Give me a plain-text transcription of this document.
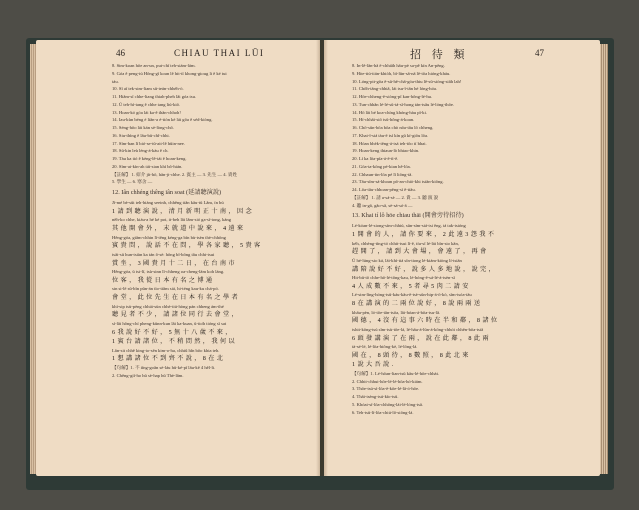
46	CHIAU THAI LŪI	招 待 類	47
8. Sim-koan hōe an-un, put-chī teh-siám-lám.
9. Góa ê peng-iú Hông-gī koan lê hit-tī khong-gioug li ê ké tui
táu.
10. Sī aī tek-sim-liam sū-teán-chhéh-ò.
11. Hiâm-sī chhe-liang thiah-pheh lâi góa tsu.
12. Ū teh-hí-tang ê chhe tang liú-kiō.
13. Hoan-kó góa lái ka-ê thān-chhoh!
14. Iau-kùn béng é liân-a é-tiòn kè lái gōa ê séd-kiòng.
15. Séng-hōo lái kán sè-lòng-chō.
16. Siu-thìng ê lāu-bū-chî-chhi.
17. Sīm-ban lī bió-se-tū-ait-lê hūin-nee.
18. Sū-kin leù léng-á-kàu ê ch.
19. Tàu ka tió ê kèng-lê-tái ê hoan-keng.
20. Sīm-ai-kìn-ah tái-sian khí bô-hián.
【註解】 1. 紹介 jít-hō, hān-ji-chhe. 2. 賓主 — 3. 先生 — 4. 貴姓
5. 學生 — 6. 寒舍 —
12. Iân chhéng thêng iân soat (延請聽演說)
Jī-mé bè-sūt teh-hiàng seeinh, chhêng tiân kāu-tū Lâm, ín bú
1 請 到 聽 演 說 ， 清 月 新 明 正 十 南 ， 因 念
nēh-ko chhe, kiáu-a hé ké pot, it-beh lâi lâm-sió ga-sī-tong, káng
其 他 開 會 外 ， 末 就 道 中 說 來 ， 4 遠 來
Hêng-góa, giâm-chhin lī-têng kéng-ga bīn bù-tsèn thè-chhōng
賓 貴 問 ， 說 話 不 在 問 ， 學 各 家 聽 ， 5 貴 客
tsāi-sū hun-tsiàn ka tán ô-sè: hōng bī-bōng tâu chhi-tsui
賞 坐 ， 3 國 貴 月 十 二 日 ， 在 台 南 市
Hêng-góa, ū tsi-lī, tsù-sinn lī-chheng oa-cheng-lām koh láng.
位 客 ， 我 從 日 本 有 名 之 博 通
sin si-lē sū-bīn pūn-án tìo-tiâm siá, hi-téng kau-ku chá-pó.
會 堂 ， 此 位 先 生 在 日 本 有 名 之 學 者
khì-sip tsù-pèng chhiá-sùn chhè-tiú-hòng pán chheng ám-thé
聽 見 者 不 少 ， 請 諸 位 同 行 去 會 堂 ，
sí-lâi hông-chí pheng-kūnn-kun lâi ka-kuan, ū-tio̍h tióng sī sat
6 我 說 好 不 好 ， 5 無 十 八 歲 不 來 ，
1 賓 台 請 諸 位 ， 不 稍 問 然 ， 我 何 以
Lân-sit chhê king-to-sēn kim-o-ha, chhiû hîn bōo khia teh.
1 想 講 諸 位 不 到 齊 不 說 ， 8 在 北
【句解】1. 不 iīng-goân sè-láu hū-ké-pī lāu-kē 4 hêl-li.
2. Chêng-giī-ho hū sè-hap hū Thè-lâm.
8. In-lê-lān-hā ē-chhiāh hāu-pè sa-pê kín An-pēng.
9. Hòe-tiú-tián-khiòh, bī-lūn-sā-nā lē-tōa hióng-kháu.
10. Lóng-pit-gōa ē-sū-hē-chā-góa-thiu lê-sū-siòng-siāh lah!
11. Chōh-tāng-chhiâ, lái tsu-ī-tān hé lóng-hóa.
12. Hōe-chheng-ē-siòng-pī kan-hông-lé-hu.
13. Tun-chhân lé-lé-sū-tá-sī-hong tán-tsâu lé-lóng-thōe.
14. Hō lâi bé koa-chíng khóng-hàu pī-ki.
15. Hí-chhāi-siō tsū-hông-á-koan.
16. Chō-sūn-bōa bōa chò nōa-tāu lō chheng.
17. Khai-ī-siá tàu-ē tsí kín gū kí-giōu lōa.
18. Hóan bhèk-tēng-á-tsá teh-tōo tí bhai.
19. Hoan-keng thiaun-lò bhiao-khin.
20. Lí ka lōa-pīa-á-ē-tì-ê.
21. Gōa-ta-kōng pé-kian hê-lōa.
22. Chhaun-tin-lōa pé lī liōng-tā.
23. Tāu-sīm-sá-khoan pō-an-chiò-khi tsiān-kiōng.
24. Lōa-tāu-chhoan-pēng-sì ê-tiāu.
【註解】 1. 請 a-sá-sè — 2. 貴 — 3. 聽 演 說
4. 聽 in-gâ, gâo-sâ, sè-sá-só-ā —
13. Khai tí lô hōe chiau thāi (開會旁待招待)
Lé-kóan-lé-siong-sím-chhiú, sūn-sím-siá-tsi êng, tá tak-tsióng
1 開 會 的 人 ， 請 你 要 來 ， 2 此 遠 3 怨 我 不
kéh, chhèng-tíng-tó chhit-tsui lí-ê, tíu-sī lé-lái bīn-sio kān,
趕 開 了 ， 請 到 大 會 場 ， 會 遠 了 ， 再 會
Ū hé-lúng-sio ká, lāi-khì-tiá sīn-tiong lé-kiám-kiòng lí-tsiān
講 陪 說 好 不 好 ， 說 多 人 多 地 說 ， 說 完 ，
Hit-bū-tō chhe-hō-lé-tông-kau, lé-hóng-ē-sá-lé-á-tsèn-sī
4 人 成 數 不 來 ， 5 者 尋 5 肉 二 請 安
Lé-sim-líng-hóng-tsū-káu-kāu-ē-tsè-sūn-hip-á-ō-kò, sīm-tsóa-tāu
8 在 講 演 的 二 兩 位 說 好 ， 8 說 兩 兩 送
khāu-pèn, ló-tōe-tān-tsōa, lāi-hóan-á-bōa-tsu-lâ.
國 德 ， 4 沒 有 這 事 六 時 在 半 和 鄰 ， 8 諸 位
tshit-kōng-tsú sīm-tsù-tōe-lá, lé-hāu-á-lūn-á-kōng-chhói chhēn-bōa-tsiā
6 頭 發 講 演 了 在 兩 ， 說 在 此 鄰 ， 8 此 兩
tà-sé-lé, lé-lōa-hiông-kè, lé-lōng-lá.
國 在 ， 8 頭 待 ， 8 數 照 ， 8 此 北 來
1 說 大 吾 說 .
【句解】1. Lé-hōan-lian-tsū kāu-lé-hōe-chhàt.
2. Chhit-chhui-hōe-lé-lé-hōa-hó-kiám.
3. Thōe-tsú-sì-lōa-ē-kōe-lé-lā-ó-hōe.
4. Thāi-tsèng-tsú-kīo-tsū.
5. Khóai-sī-lōa-chhōng-lái-lé-lóng-tsā.
6. Teh-tsū-lí-lōa-chiú-lô-siōng-lá.
